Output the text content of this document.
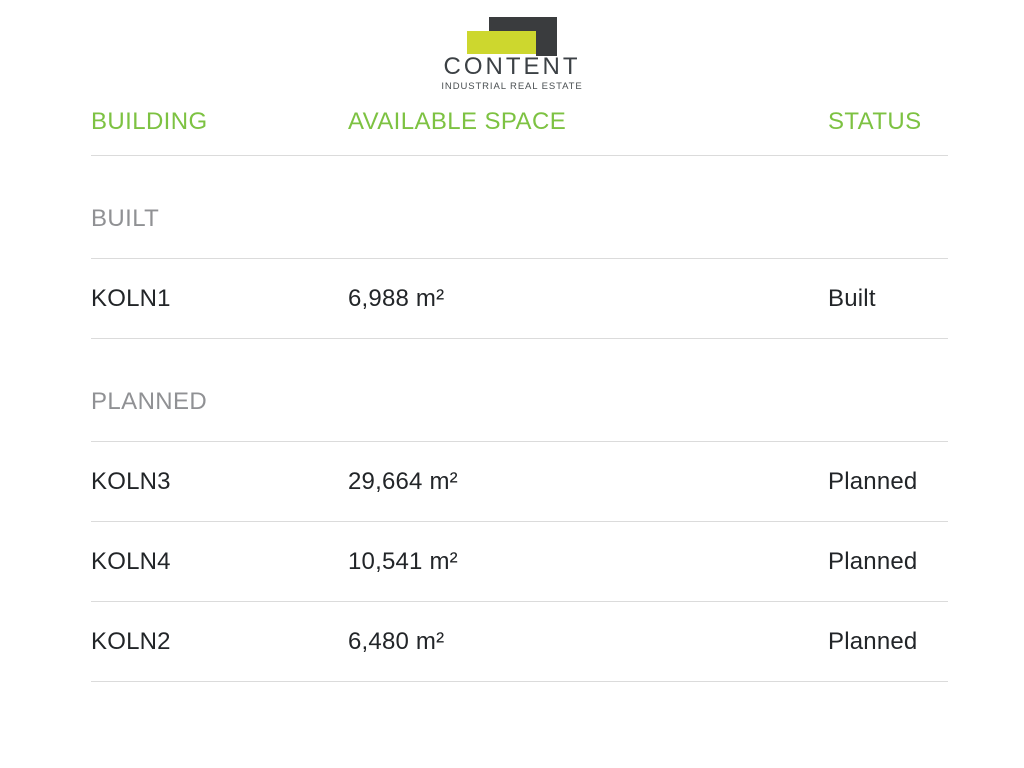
CONTENT
INDUSTRIAL REAL ESTATE
BUILDING	AVAILABLE SPACE	STATUS
BUILT
KOLN1	6,988 m²	Built
PLANNED
KOLN3	29,664 m²	Planned
KOLN4	10,541 m²	Planned
KOLN2	6,480 m²	Planned
